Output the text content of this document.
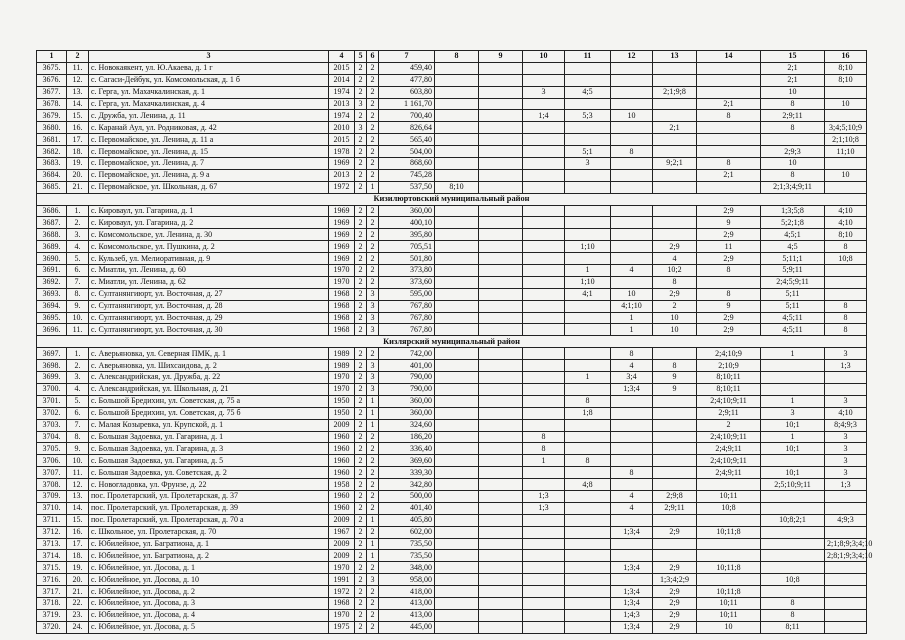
1	2	3	4	5	6	7	8	9	10	11	12	13	14	15	16
3675.	11.	с. Новокаякент, ул. Ю.Акаева, д. 1 г	2015	2	2	459,40								2;1	8;10
3676.	12.	с. Сагаси-Дейбук, ул. Комсомольская, д. 1 б	2014	2	2	477,80								2;1	8;10
3677.	13.	с. Герга, ул. Махачкалинская, д. 1	1974	2	2	603,80			3	4;5		2;1;9;8		10	
3678.	14.	с. Герга, ул. Махачкалинская, д. 4	2013	3	2	1 161,70							2;1	8	10
3679.	15.	с. Дружба, ул. Ленина, д. 11	1974	2	2	700,40			1;4	5;3	10		8	2;9;11	
3680.	16.	с. Каранай Аул, ул. Родниковая, д. 42	2010	3	2	826,64						2;1		8	3;4;5;10;9
3681.	17.	с. Первомайское, ул. Ленина, д. 11 а	2015	2	2	565,40									2;1;10;8
3682.	18.	с. Первомайское, ул. Ленина, д. 15	1978	2	2	504,00				5;1	8			2;9;3	11;10
3683.	19.	с. Первомайское, ул. Ленина, д. 7	1969	2	2	868,60				3		9;2;1	8	10	
3684.	20.	с. Первомайское, ул. Ленина, д. 9 а	2013	2	2	745,28							2;1	8	10
3685.	21.	с. Первомайское, ул. Школьная, д. 67	1972	2	1	537,50	8;10							2;1;3;4;9;11	
Кизилюртовский муниципальный район															
3686.	1.	с. Кироваул, ул. Гагарина, д. 1	1969	2	2	360,00							2;9	1;3;5;8	4;10
3687.	2.	с. Кироваул, ул. Гагарина, д. 2	1969	2	2	400,10							9	5;2;1;8	4;10
3688.	3.	с. Комсомольское, ул. Ленина, д. 30	1969	2	2	395,80							2;9	4;5;1	8;10
3689.	4.	с. Комсомольское, ул. Пушкина, д. 2	1969	2	2	705,51				1;10		2;9	11	4;5	8
3690.	5.	с. Кульзеб, ул. Мелиоративная, д. 9	1969	2	2	501,80						4	2;9	5;11;1	10;8
3691.	6.	с. Миатли, ул. Ленина, д. 60	1970	2	2	373,80				1	4	10;2	8	5;9;11	
3692.	7.	с. Миатли, ул. Ленина, д. 62	1970	2	2	373,60				1;10		8		2;4;5;9;11	
3693.	8.	с. Султанянгиюрт, ул. Восточная, д. 27	1968	2	3	595,00				4;1	10	2;9	8	5;11	
3694.	9.	с. Султанянгиюрт, ул. Восточная, д. 28	1968	2	3	767,80					4;1;10	2	9	5;11	8
3695.	10.	с. Султанянгиюрт, ул. Восточная, д. 29	1968	2	3	767,80					1	10	2;9	4;5;11	8
3696.	11.	с. Султанянгиюрт, ул. Восточная, д. 30	1968	2	3	767,80					1	10	2;9	4;5;11	8
Кизлярский муниципальный район															
3697.	1.	с. Аверьяновка, ул. Северная ПМК, д. 1	1989	2	2	742,00					8		2;4;10;9	1	3
3698.	2.	с. Аверьяновка, ул. Шихсаидова, д. 2	1989	2	3	401,00					4	8	2;10;9		1;3
3699.	3.	с. Александрийская, ул. Дружба, д. 22	1970	2	3	790,00				1	3;4	9	8;10;11		
3700.	4.	с. Александрийская, ул. Школьная, д. 21	1970	2	3	790,00					1;3;4	9	8;10;11		
3701.	5.	с. Большой Бредихин, ул. Советская, д. 75 а	1950	2	1	360,00				8			2;4;10;9;11	1	3
3702.	6.	с. Большой Бредихин, ул. Советская, д. 75 б	1950	2	1	360,00				1;8			2;9;11	3	4;10
3703.	7.	с. Малая Козыревка, ул. Крупской, д. 1	2009	2	1	324,60							2	10;1	8;4;9;3
3704.	8.	с. Большая Задоевка, ул. Гагарина, д. 1	1960	2	2	186,20			8				2;4;10;9;11	1	3
3705.	9.	с. Большая Задоевка, ул. Гагарина, д. 3	1960	2	2	336,40			8				2;4;9;11	10;1	3
3706.	10.	с. Большая Задоевка, ул. Гагарина, д. 5	1960	2	2	369,60			1	8			2;4;10;9;11		3
3707.	11.	с. Большая Задоевка, ул. Советская, д. 2	1960	2	2	339,30					8		2;4;9;11	10;1	3
3708.	12.	с. Новогладовка, ул. Фрунзе, д. 22	1958	2	2	342,80				4;8				2;5;10;9;11	1;3
3709.	13.	пос. Пролетарский, ул. Пролетарская, д. 37	1960	2	2	500,00			1;3		4	2;9;8	10;11		
3710.	14.	пос. Пролетарский, ул. Пролетарская, д. 39	1960	2	2	401,40			1;3		4	2;9;11	10;8		
3711.	15.	пос. Пролетарский, ул. Пролетарская, д. 70 а	2009	2	1	405,80								10;8;2;1	4;9;3
3712.	16.	с. Школьное, ул. Пролетарская, д. 70	1967	2	2	602,00					1;3;4	2;9	10;11;8		
3713.	17.	с. Юбилейное, ул. Багратиона, д. 1	2009	2	1	735,50									2;1;8;9;3;4;10
3714.	18.	с. Юбилейное, ул. Багратиона, д. 2	2009	2	1	735,50									2;8;1;9;3;4;10
3715.	19.	с. Юбилейное, ул. Досова, д. 1	1970	2	2	348,00					1;3;4	2;9	10;11;8		
3716.	20.	с. Юбилейное, ул. Досова, д. 10	1991	2	3	958,00						1;3;4;2;9		10;8	
3717.	21.	с. Юбилейное, ул. Досова, д. 2	1972	2	2	418,00					1;3;4	2;9	10;11;8		
3718.	22.	с. Юбилейное, ул. Досова, д. 3	1968	2	2	413,00					1;3;4	2;9	10;11	8	
3719.	23.	с. Юбилейное, ул. Досова, д. 4	1970	2	2	413,00					1;4;3	2;9	10;11	8	
3720.	24.	с. Юбилейное, ул. Досова, д. 5	1975	2	2	445,00					1;3;4	2;9	10	8;11	
